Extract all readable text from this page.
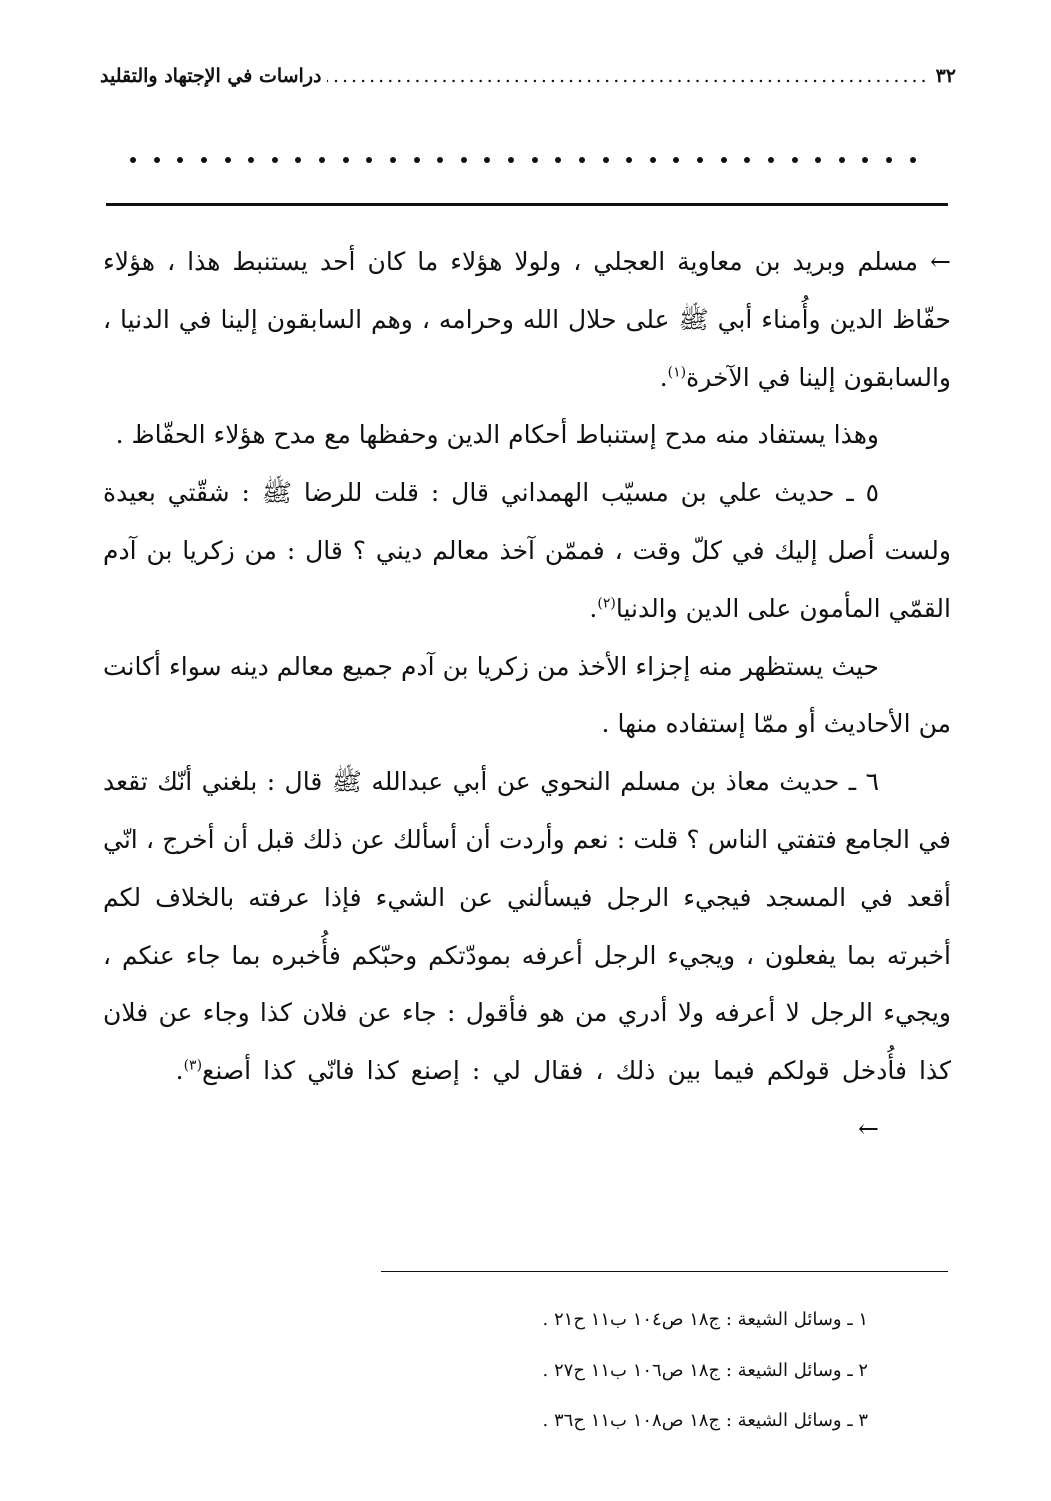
٣٢
.....
دراسات في الإجتهاد والتقليد

← مسلم وبريد بن معاوية العجلي ، ولولا هؤلاء ما كان أحد يستنبط هذا ، هؤلاء حفّاظ الدين وأُمناء أبي ﷺ على حلال الله وحرامه ، وهم السابقون إلينا في الدنيا ، والسابقون إلينا في الآخرة$^{(١)}$.

وهذا يستفاد منه مدح إستنباط أحكام الدين وحفظها مع مدح هؤلاء الحفّاظ .

٥ ـ حديث علي بن مسيّب الهمداني قال : قلت للرضا ﷺ : شقّتي بعيدة ولست أصل إليك في كلّ وقت ، فممّن آخذ معالم ديني ؟ قال : من زكريا بن آدم القمّي المأمون على الدين والدنيا$^{(٢)}$.

حيث يستظهر منه إجزاء الأخذ من زكريا بن آدم جميع معالم دينه سواء أكانت من الأحاديث أو ممّا إستفاده منها .

٦ ـ حديث معاذ بن مسلم النحوي عن أبي عبدالله ﷺ قال : بلغني أنّك تقعد في الجامع فتفتي الناس ؟ قلت : نعم وأردت أن أسألك عن ذلك قبل أن أخرج ، انّي أقعد في المسجد فيجيء الرجل فيسألني عن الشيء فإذا عرفته بالخلاف لكم أخبرته بما يفعلون ، ويجيء الرجل أعرفه بمودّتكم وحبّكم فأُخبره بما جاء عنكم ، ويجيء الرجل لا أعرفه ولا أدري من هو فأقول : جاء عن فلان كذا وجاء عن فلان كذا فأُدخل قولكم فيما بين ذلك ، فقال لي : إصنع كذا فانّي كذا أصنع$^{(٣)}$.      ←

١ ـ وسائل الشيعة : ج١٨ ص١٠٤ ب١١ ح٢١ .

٢ ـ وسائل الشيعة : ج١٨ ص١٠٦ ب١١ ح٢٧ .

٣ ـ وسائل الشيعة : ج١٨ ص١٠٨ ب١١ ح٣٦ .
